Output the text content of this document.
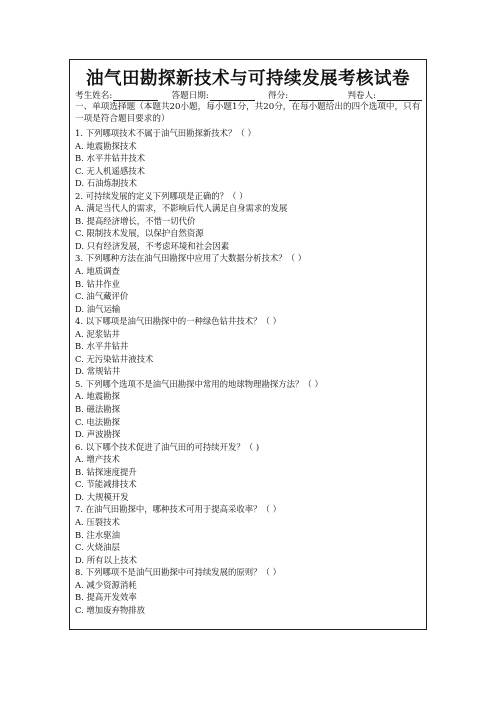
油气田勘探新技术与可持续发展考核试卷
考生姓名:	答题日期:	得分:	判卷人:
一、单项选择题（本题共20小题，每小题1分，共20分，在每小题给出的四个选项中，只有一项是符合题目要求的）
1. 下列哪项技术不属于油气田勘探新技术？（ ）
A. 地震勘探技术
B. 水平井钻井技术
C. 无人机遥感技术
D. 石油炼制技术
2. 可持续发展的定义下列哪项是正确的？（ ）
A. 满足当代人的需求，不影响后代人满足自身需求的发展
B. 提高经济增长，不惜一切代价
C. 限制技术发展，以保护自然资源
D. 只有经济发展，不考虑环境和社会因素
3. 下列哪种方法在油气田勘探中应用了大数据分析技术？（ ）
A. 地质调查
B. 钻井作业
C. 油气藏评价
D. 油气运输
4. 以下哪项是油气田勘探中的一种绿色钻井技术？（ ）
A. 泥浆钻井
B. 水平井钻井
C. 无污染钻井液技术
D. 常规钻井
5. 下列哪个选项不是油气田勘探中常用的地球物理勘探方法？（ ）
A. 地震勘探
B. 磁法勘探
C. 电法勘探
D. 声波勘探
6. 以下哪个技术促进了油气田的可持续开发？（ )
A. 增产技术
B. 钻探速度提升
C. 节能减排技术
D. 大规模开发
7. 在油气田勘探中，哪种技术可用于提高采收率？（ ）
A. 压裂技术
B. 注水驱油
C. 火烧油层
D. 所有以上技术
8. 下列哪项不是油气田勘探中可持续发展的原则？（ ）
A. 减少资源消耗
B. 提高开发效率
C. 增加废弃物排放
